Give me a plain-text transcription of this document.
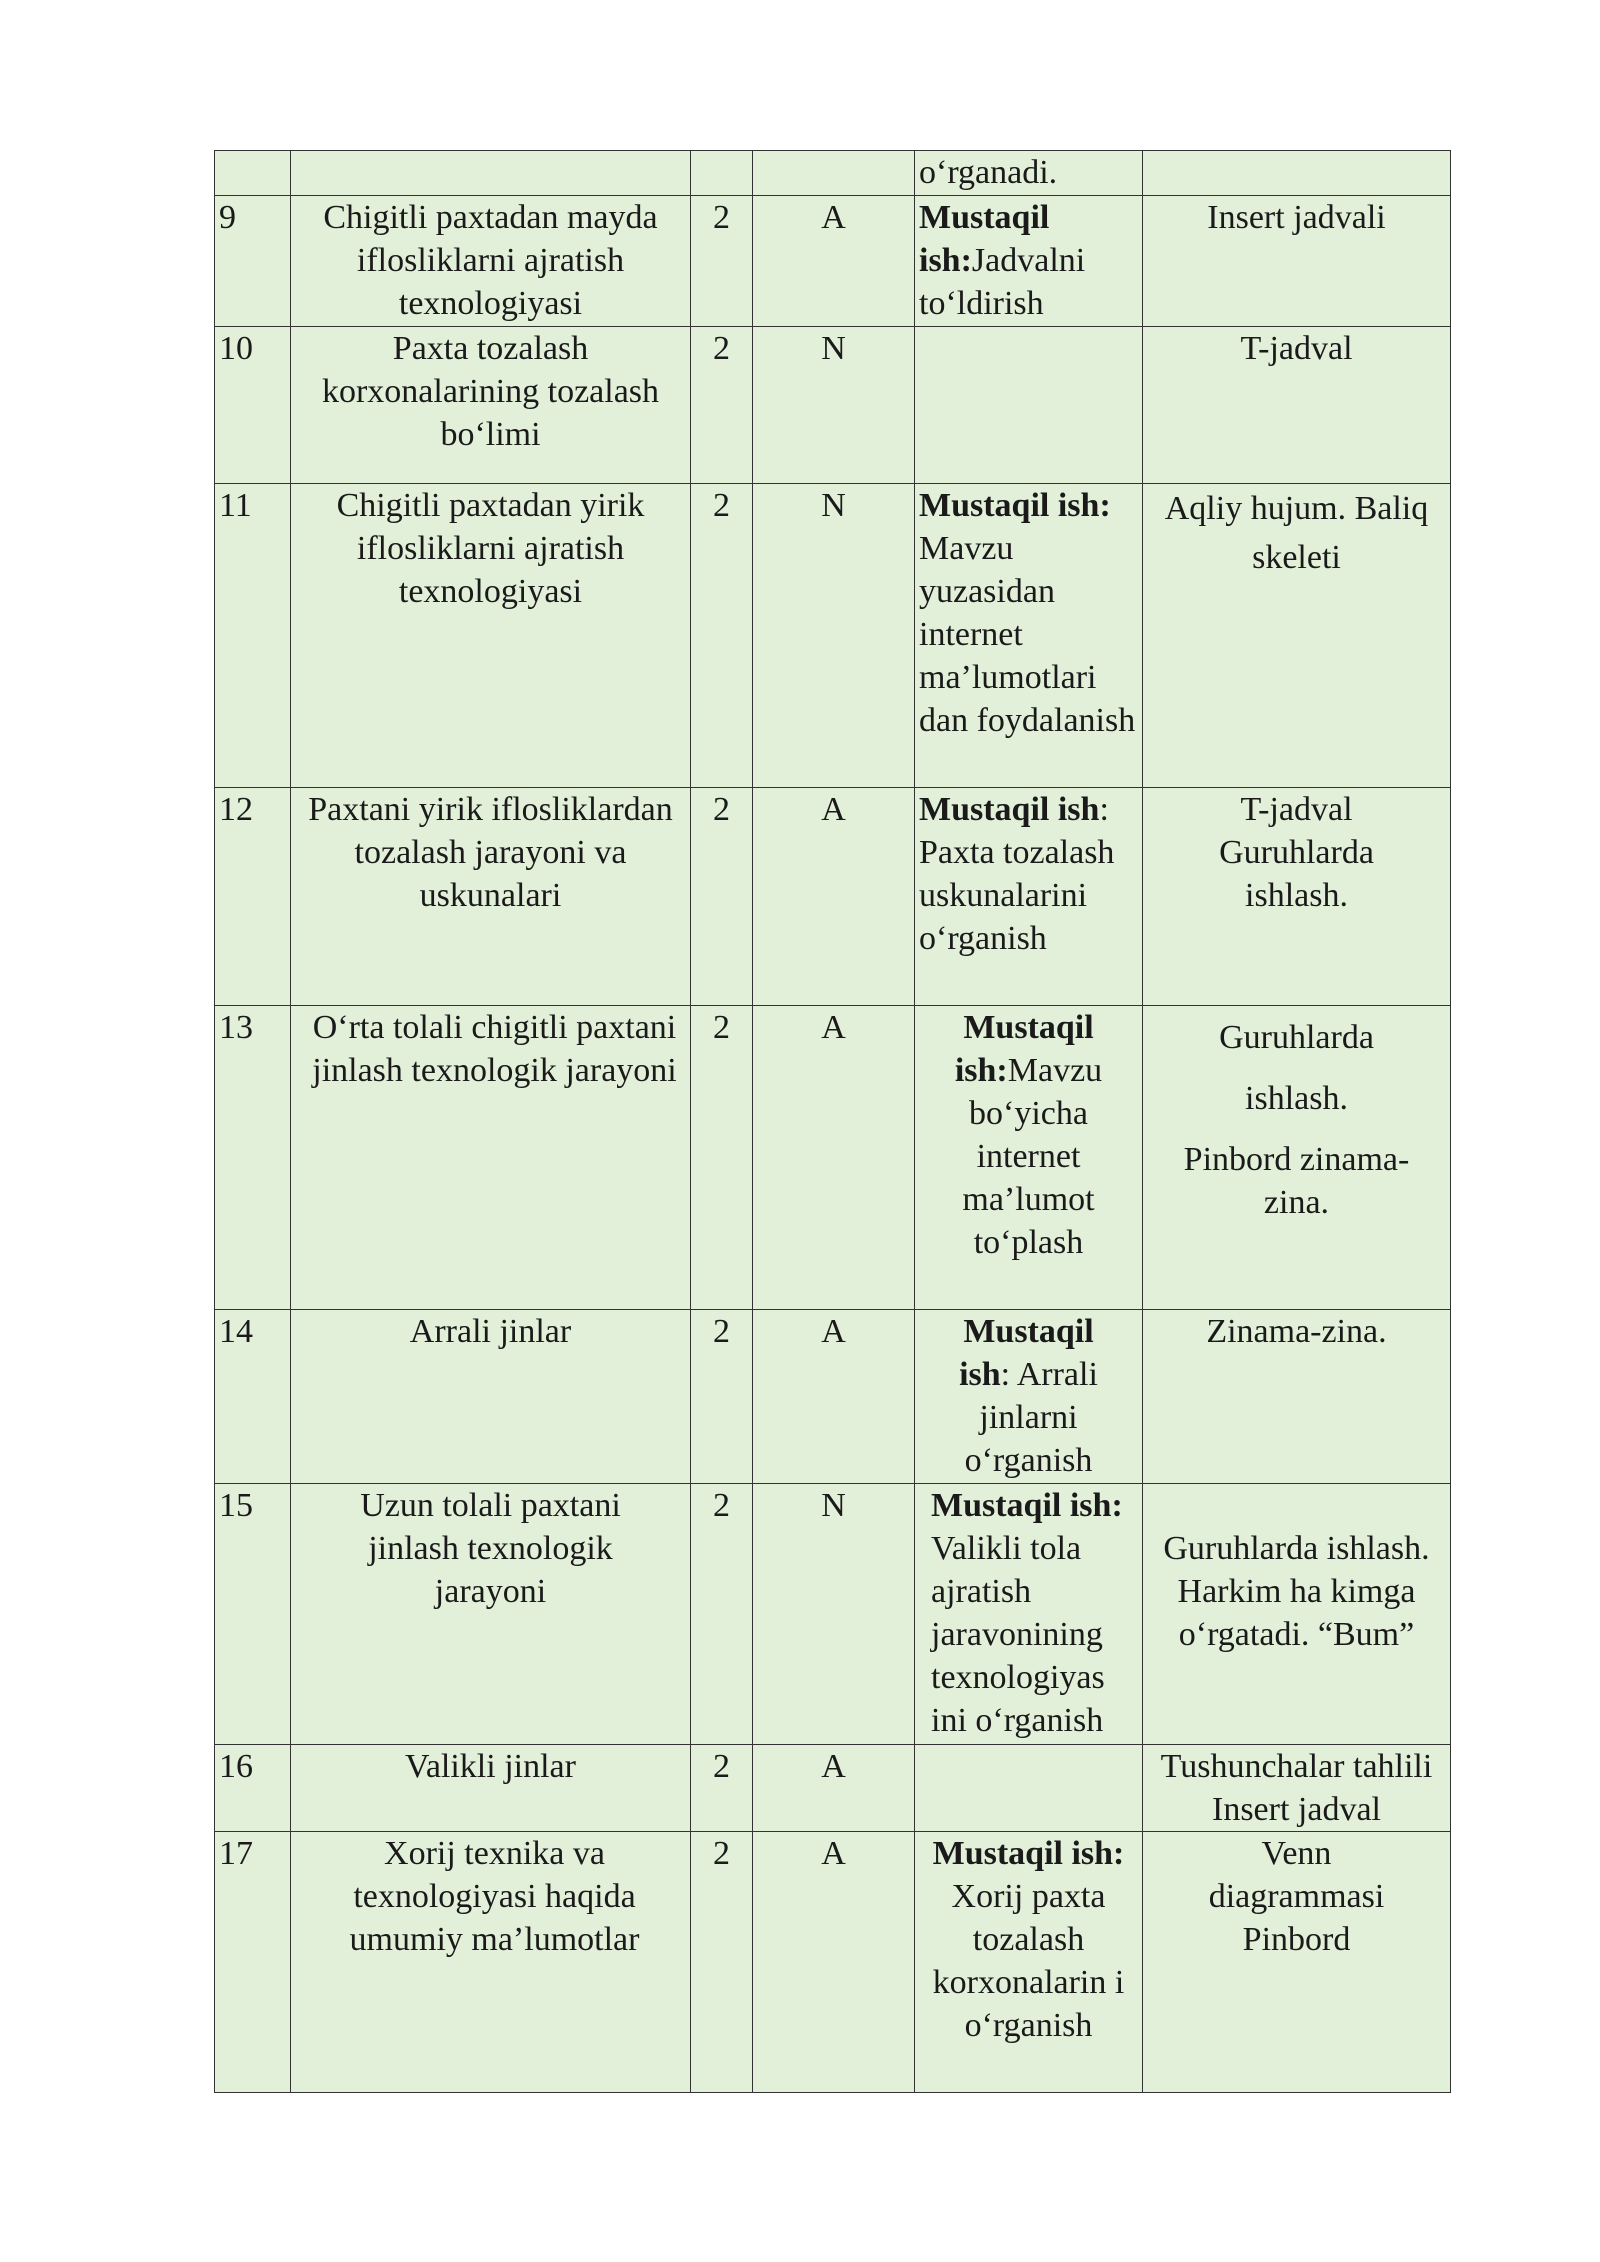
				o‘rganadi.	
9	Chigitli paxtadan mayda iflosliklarni ajratish texnologiyasi	2	A	Mustaqil ish:Jadvalni to‘ldirish	Insert jadvali
10	Paxta tozalash korxonalarining tozalash bo‘limi	2	N		T-jadval
11	Chigitli paxtadan yirik iflosliklarni ajratish texnologiyasi	2	N	Mustaqil ish: Mavzu yuzasidan internet ma’lumotlari dan foydalanish	Aqliy hujum. Baliq skeleti
12	Paxtani yirik iflosliklardan tozalash jarayoni va uskunalari	2	A	Mustaqil ish: Paxta tozalash uskunalarini o‘rganish	T-jadval Guruhlarda ishlash.
13	O‘rta tolali chigitli paxtani jinlash texnologik jarayoni	2	A	Mustaqil ish:Mavzu bo‘yicha internet ma’lumot to‘plash	Guruhlarda
ishlash.
Pinbord zinama-zina.

14	Arrali jinlar	2	A	Mustaqil ish: Arrali jinlarni o‘rganish	Zinama-zina.
15	Uzun tolali paxtani jinlash texnologik jarayoni	2	N	Mustaqil ish: Valikli tola ajratish jaravonining texnologiyas ini o‘rganish	Guruhlarda ishlash. Harkim ha kimga o‘rgatadi. “Bum”
16	Valikli jinlar	2	A		Tushunchalar tahlili Insert jadval
17	Xorij texnika va texnologiyasi haqida umumiy ma’lumotlar	2	A	Mustaqil ish: Xorij paxta tozalash korxonalarin i o‘rganish	Venn diagrammasi Pinbord
